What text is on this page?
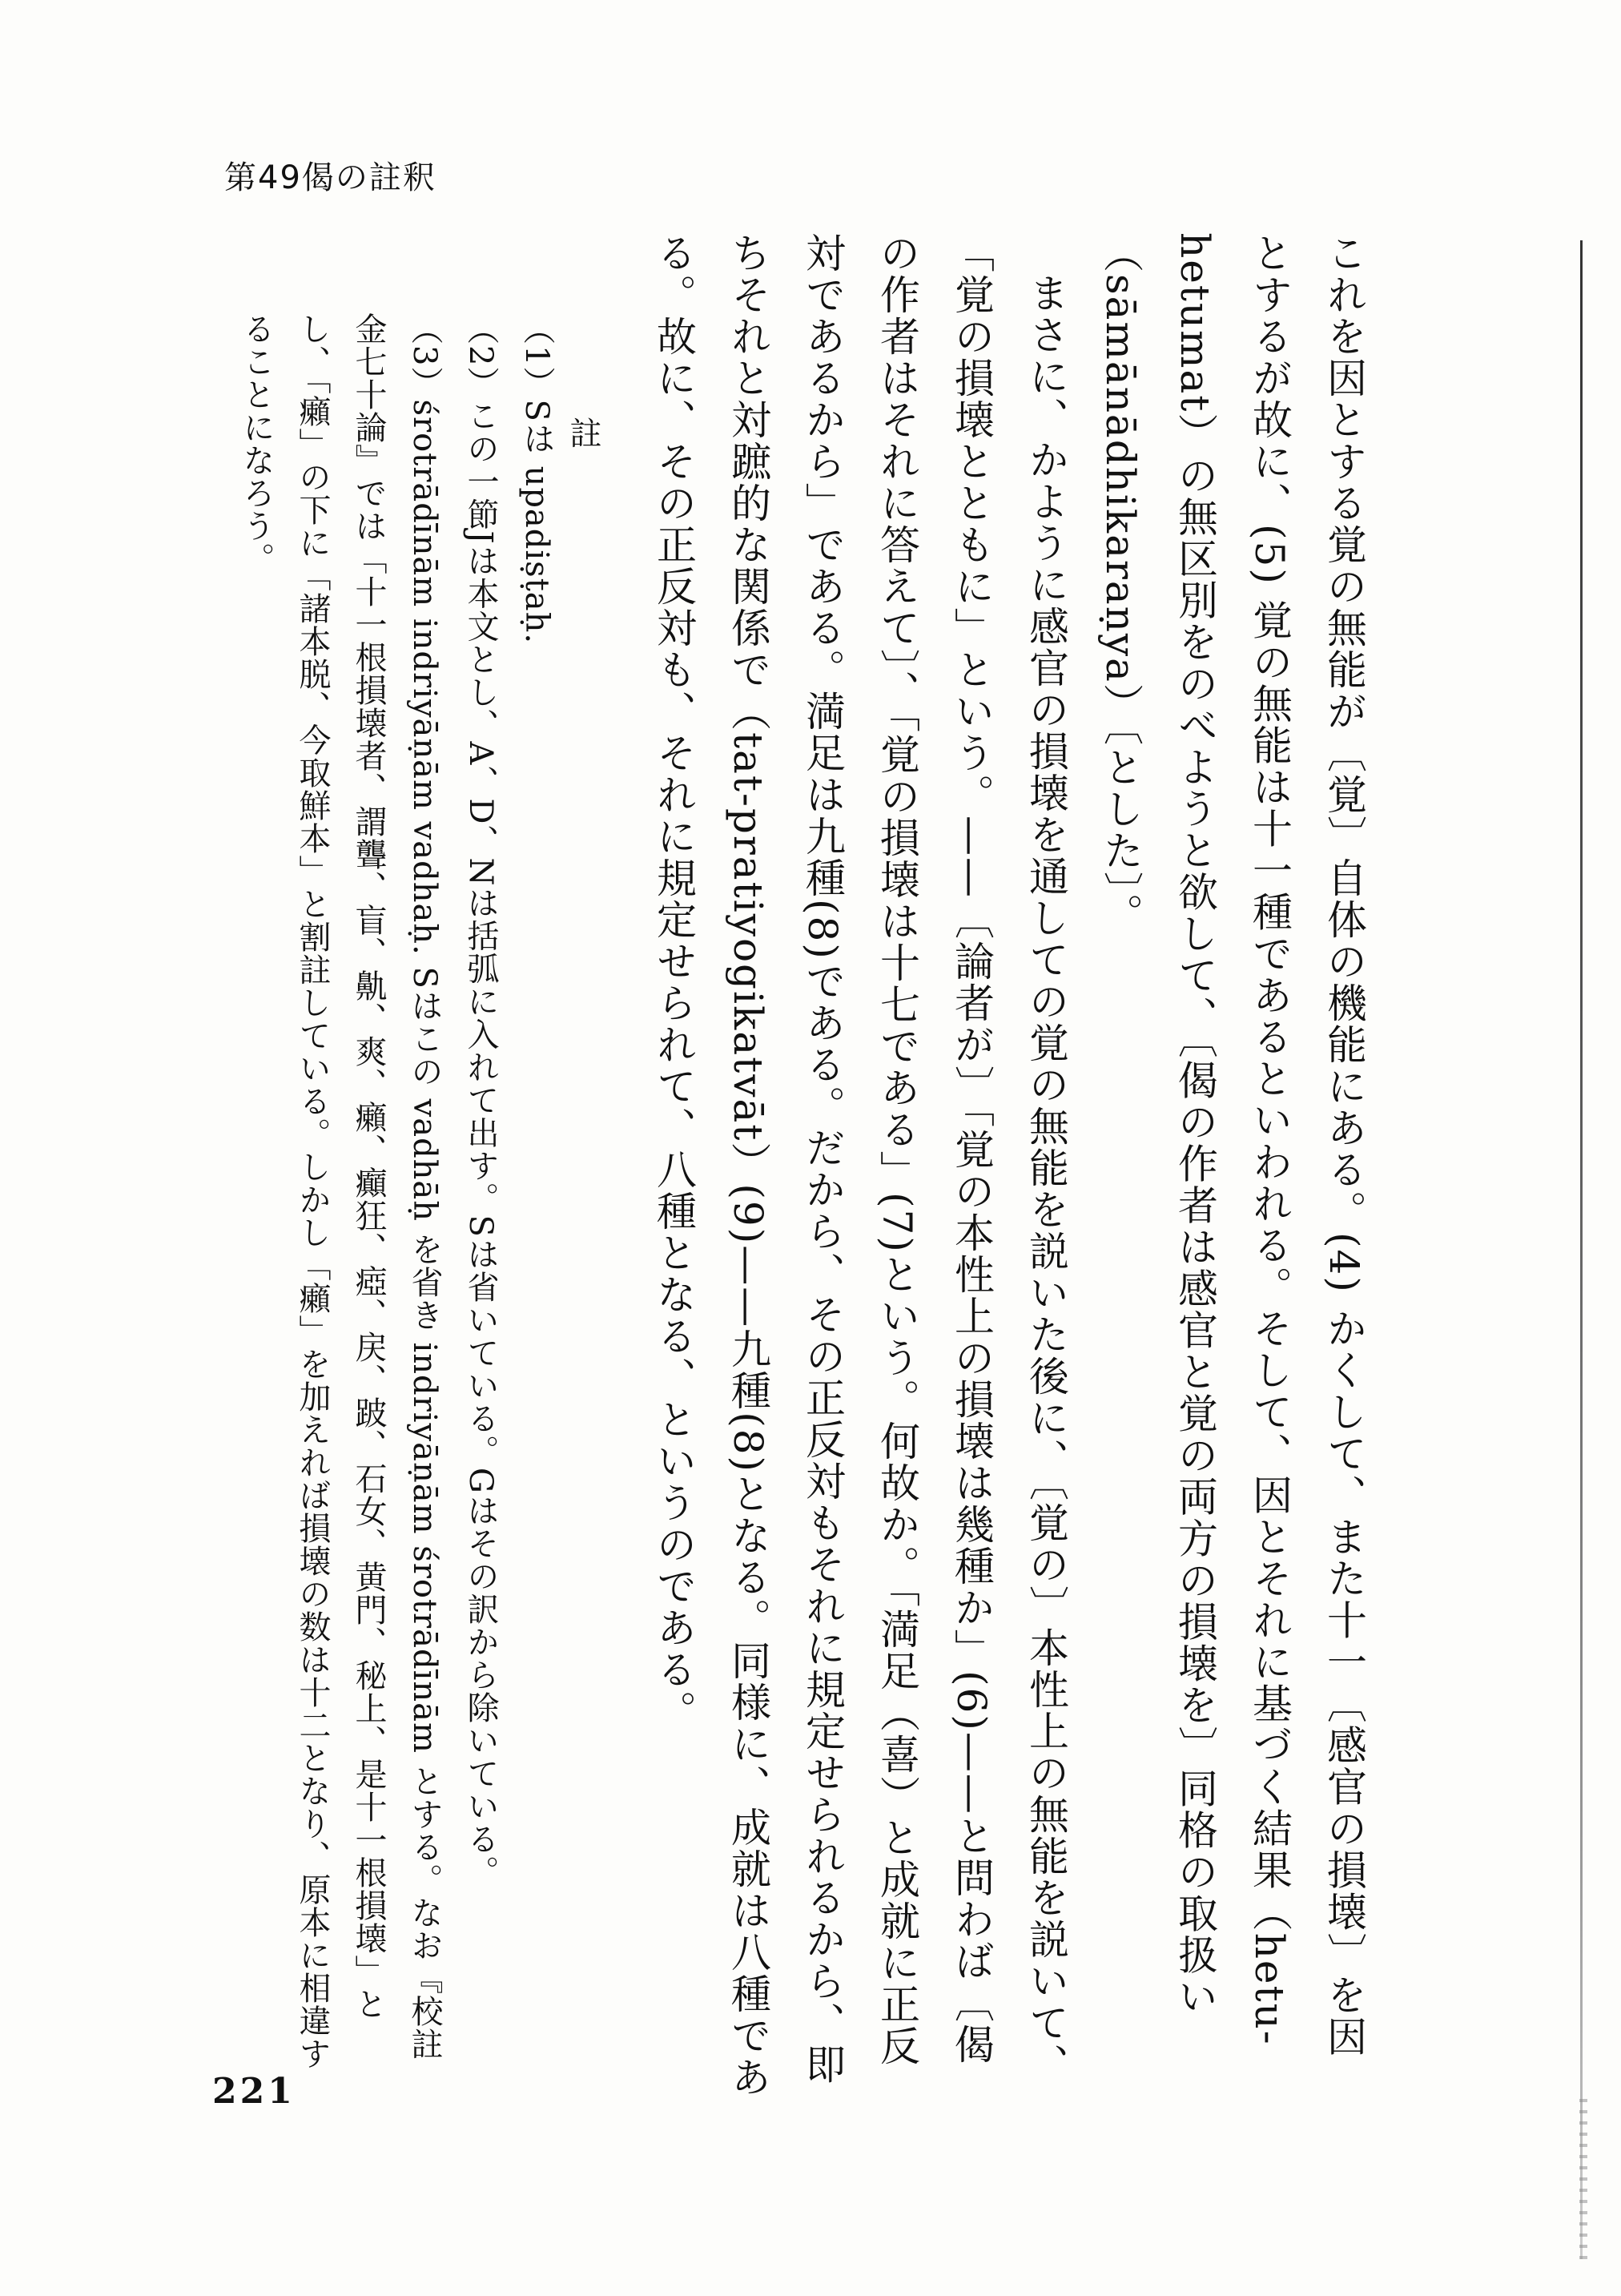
第49偈の註釈

これを因とする覚の無能が〔覚〕自体の機能にある。(4) かくして、また十一〔感官の損壊〕を因とするが故に、(5) 覚の無能は十一種であるといわれる。そして、因とそれに基づく結果（hetu-hetumat）の無区別をのべようと欲して、〔偈の作者は感官と覚の両方の損壊を〕同格の取扱い（sāmānādhikaraṇya）〔とした〕。

まさに、かように感官の損壊を通しての覚の無能を説いた後に、〔覚の〕本性上の無能を説いて、「覚の損壊とともに」という。——〔論者が〕「覚の本性上の損壊は幾種か」(6)——と問わば〔偈の作者はそれに答えて〕、「覚の損壊は十七である」(7)という。何故か。「満足（喜）と成就に正反対であるから」である。満足は九種(8)である。だから、その正反対もそれに規定せられるから、即ちそれと対蹠的な関係で（tat-pratiyogikatvāt）(9)——九種(8)となる。同様に、成就は八種である。故に、その正反対も、それに規定せられて、八種となる、というのである。

註

（1）Sは upadiṣṭaḥ.

（2）この一節Jは本文とし、A、D、Nは括弧に入れて出す。Sは省いている。Gはその訳から除いている。

（3）śrotrādīnām indriyāṇām vadhaḥ. Sはこの vadhāḥ を省き indriyāṇām śrotrādīnām とする。なお『校註金七十論』では「十一根損壊者、謂聾、盲、鼽、爽、癩、癲狂、瘂、戻、跛、石女、黄門、秘上、是十一根損壊」とし、「癩」の下に「諸本脱、今取鮮本」と割註している。しかし「癩」を加えれば損壊の数は十二となり、原本に相違することになろう。

221
